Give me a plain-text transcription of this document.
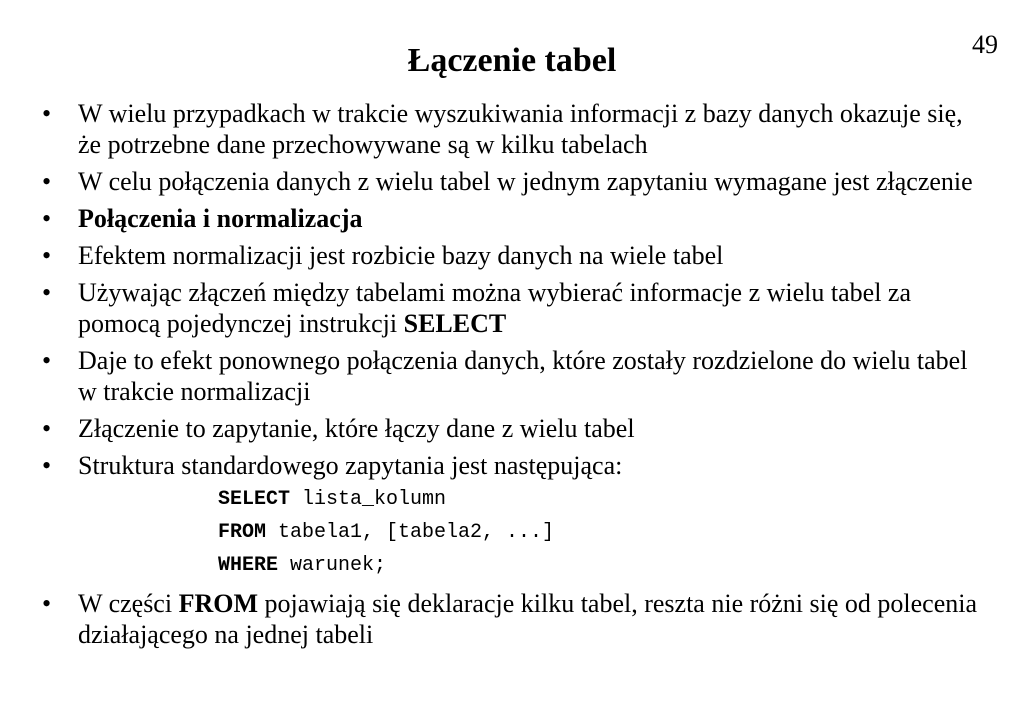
49
Łączenie tabel
• W wielu przypadkach w trakcie wyszukiwania informacji z bazy danych okazuje się, że potrzebne dane przechowywane są w kilku tabelach
• W celu połączenia danych z wielu tabel w jednym zapytaniu wymagane jest złączenie
• Połączenia i normalizacja
• Efektem normalizacji jest rozbicie bazy danych na wiele tabel
• Używając złączeń między tabelami można wybierać informacje z wielu tabel za pomocą pojedynczej instrukcji SELECT
• Daje to efekt ponownego połączenia danych, które zostały rozdzielone do wielu tabel w trakcie normalizacji
• Złączenie to zapytanie, które łączy dane z wielu tabel
• Struktura standardowego zapytania jest następująca:
SELECT lista_kolumn
FROM tabela1, [tabela2, ...]
WHERE warunek;
• W części FROM pojawiają się deklaracje kilku tabel, reszta nie różni się od polecenia działającego na jednej tabeli
